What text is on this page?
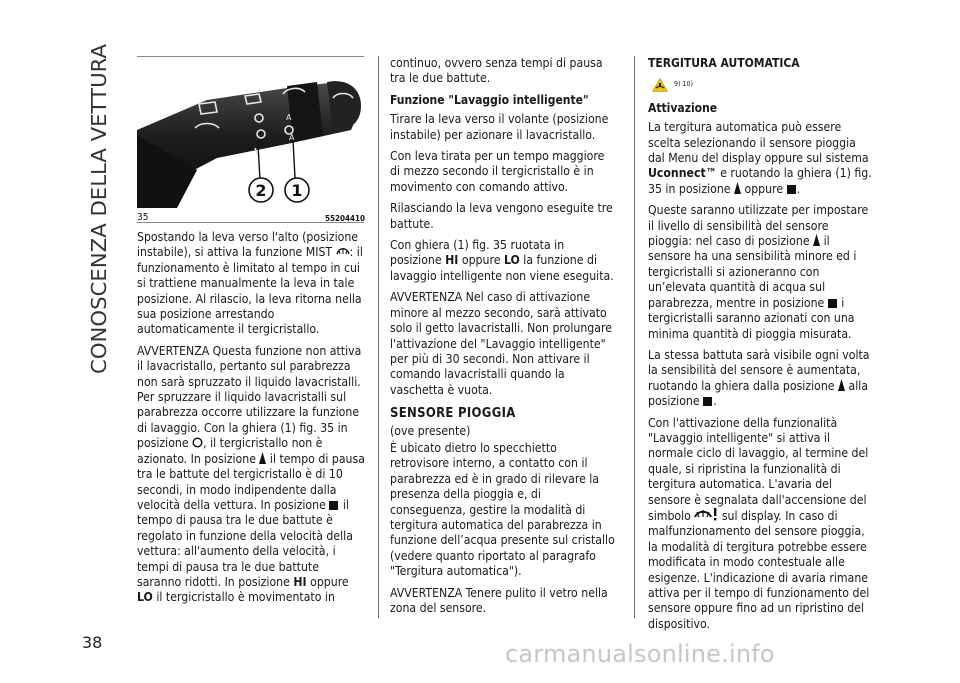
CONOSCENZA DELLA VETTURA
38
A
A
2 1
35	55204410

Spostando la leva verso l'alto (posizione instabile), si attiva la funzione MIST : il funzionamento è limitato al tempo in cui si trattiene manualmente la leva in tale posizione. Al rilascio, la leva ritorna nella sua posizione arrestando automaticamente il tergicristallo.

AVVERTENZA Questa funzione non attiva il lavacristallo, pertanto sul parabrezza non sarà spruzzato il liquido lavacristalli. Per spruzzare il liquido lavacristalli sul parabrezza occorre utilizzare la funzione di lavaggio. Con la ghiera (1) fig. 35 in posizione , il tergicristallo non è azionato. In posizione il tempo di pausa tra le battute del tergicristallo è di 10 secondi, in modo indipendente dalla velocità della vettura. In posizione il tempo di pausa tra le due battute è regolato in funzione della velocità della vettura: all'aumento della velocità, i tempi di pausa tra le due battute saranno ridotti. In posizione HI oppure LO il tergicristallo è movimentato in

continuo, ovvero senza tempi di pausa tra le due battute.

Funzione "Lavaggio intelligente"

Tirare la leva verso il volante (posizione instabile) per azionare il lavacristallo.

Con leva tirata per un tempo maggiore di mezzo secondo il tergicristallo è in movimento con comando attivo.

Rilasciando la leva vengono eseguite tre battute.

Con ghiera (1) fig. 35 ruotata in posizione HI oppure LO la funzione di lavaggio intelligente non viene eseguita.

AVVERTENZA Nel caso di attivazione minore al mezzo secondo, sarà attivato solo il getto lavacristalli. Non prolungare l'attivazione del "Lavaggio intelligente" per più di 30 secondi. Non attivare il comando lavacristalli quando la vaschetta è vuota.

SENSORE PIOGGIA

(ove presente)

È ubicato dietro lo specchietto retrovisore interno, a contatto con il parabrezza ed è in grado di rilevare la presenza della pioggia e, di conseguenza, gestire la modalità di tergitura automatica del parabrezza in funzione dell’acqua presente sul cristallo (vedere quanto riportato al paragrafo "Tergitura automatica").

AVVERTENZA Tenere pulito il vetro nella zona del sensore.

TERGITURA AUTOMATICA
9) 10)
Attivazione

La tergitura automatica può essere scelta selezionando il sensore pioggia dal Menu del display oppure sul sistema Uconnect™ e ruotando la ghiera (1) fig. 35 in posizione oppure .

Queste saranno utilizzate per impostare il livello di sensibilità del sensore pioggia: nel caso di posizione il sensore ha una sensibilità minore ed i tergicristalli si azioneranno con un’elevata quantità di acqua sul parabrezza, mentre in posizione i tergicristalli saranno azionati con una minima quantità di pioggia misurata.

La stessa battuta sarà visibile ogni volta la sensibilità del sensore è aumentata, ruotando la ghiera dalla posizione alla posizione .

Con l'attivazione della funzionalità "Lavaggio intelligente" si attiva il normale ciclo di lavaggio, al termine del quale, si ripristina la funzionalità di tergitura automatica. L'avaria del sensore è segnalata dall'accensione del simbolo	sul display. In caso di malfunzionamento del sensore pioggia, la modalità di tergitura potrebbe essere modificata in modo contestuale alle esigenze. L'indicazione di avaria rimane attiva per il tempo di funzionamento del sensore oppure fino ad un ripristino del dispositivo.

carmanualsonline.info
